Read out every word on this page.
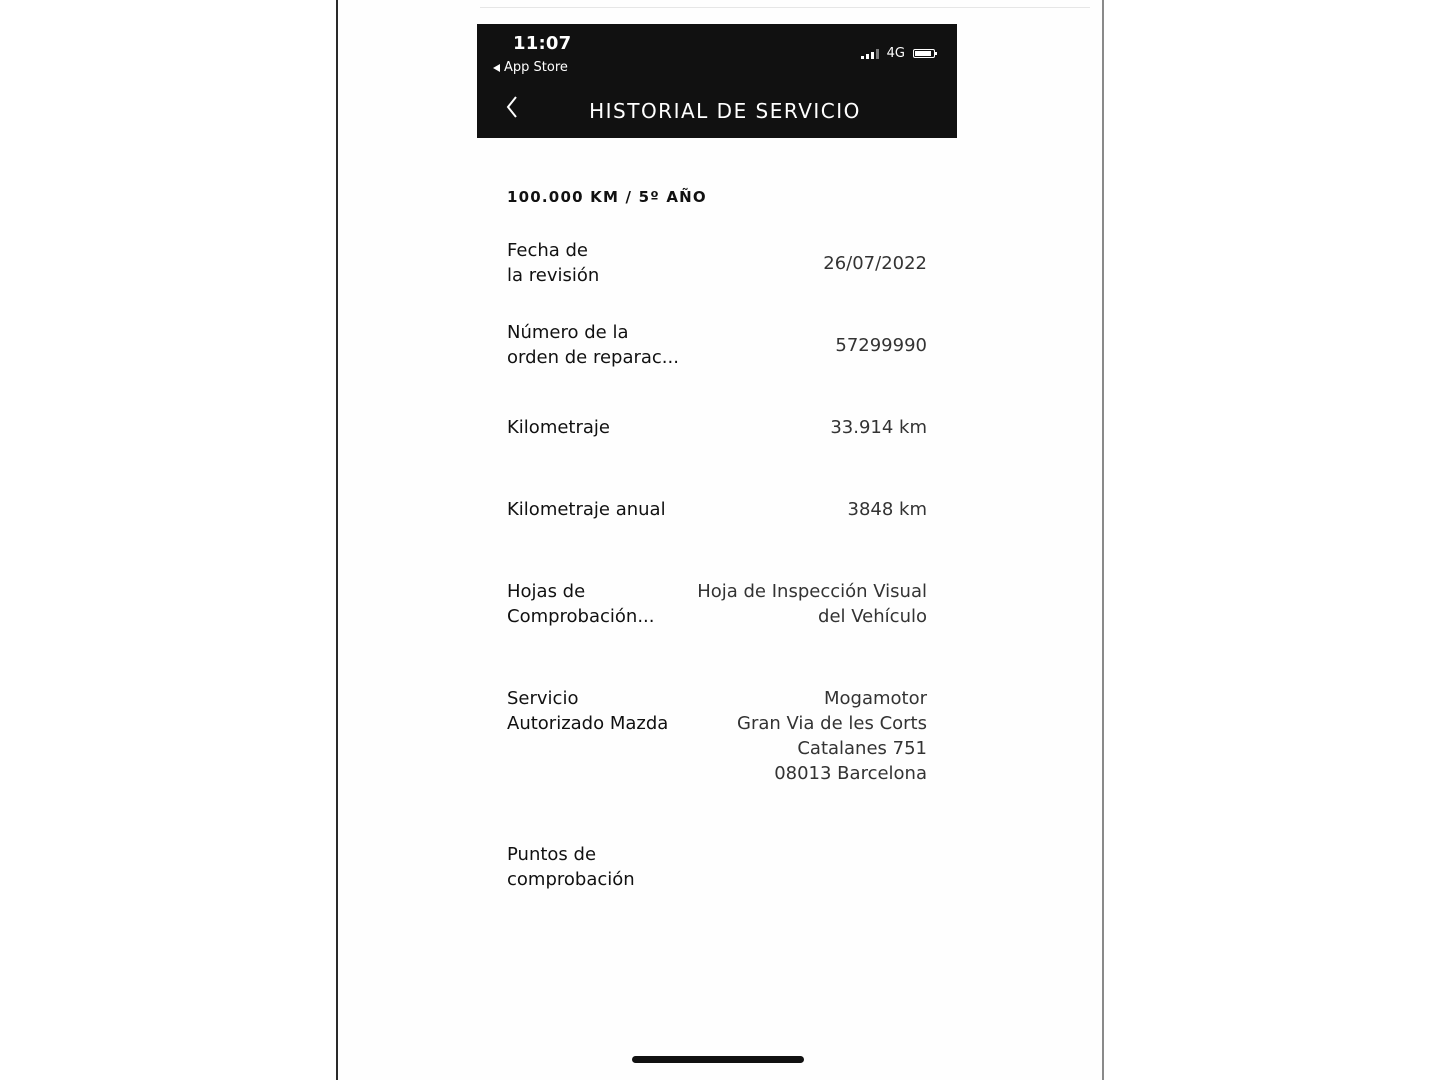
11:07
App Store
4G
HISTORIAL DE SERVICIO
100.000 KM / 5º AÑO
Fecha de
la revisión
26/07/2022
Número de la
orden de reparac...
57299990
Kilometraje	33.914 km
Kilometraje anual	3848 km
Hojas de
Comprobación...
Hoja de Inspección Visual
del Vehículo
Servicio
Autorizado Mazda
Mogamotor
Gran Via de les Corts
Catalanes 751
08013 Barcelona
Puntos de
comprobación
